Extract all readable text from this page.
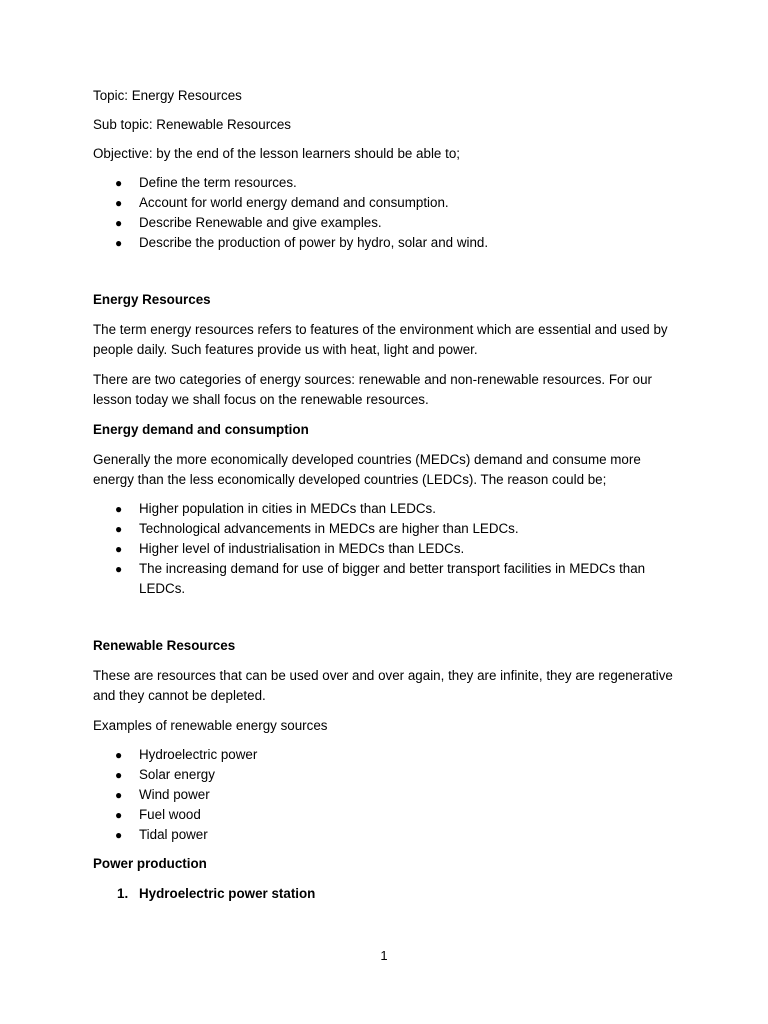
Topic: Energy Resources

Sub topic: Renewable Resources

Objective: by the end of the lesson learners should be able to;

● Define the term resources.
● Account for world energy demand and consumption.
● Describe Renewable and give examples.
● Describe the production of power by hydro, solar and wind.

Energy Resources

The term energy resources refers to features of the environment which are essential and used by people daily. Such features provide us with heat, light and power.

There are two categories of energy sources: renewable and non-renewable resources. For our lesson today we shall focus on the renewable resources.

Energy demand and consumption

Generally the more economically developed countries (MEDCs) demand and consume more energy than the less economically developed countries (LEDCs). The reason could be;

● Higher population in cities in MEDCs than LEDCs.
● Technological advancements in MEDCs are higher than LEDCs.
● Higher level of industrialisation in MEDCs than LEDCs.
● The increasing demand for use of bigger and better transport facilities in MEDCs than LEDCs.

Renewable Resources

These are resources that can be used over and over again, they are infinite, they are regenerative and they cannot be depleted.

Examples of renewable energy sources

● Hydroelectric power
● Solar energy
● Wind power
● Fuel wood
● Tidal power

Power production

1. Hydroelectric power station
1
